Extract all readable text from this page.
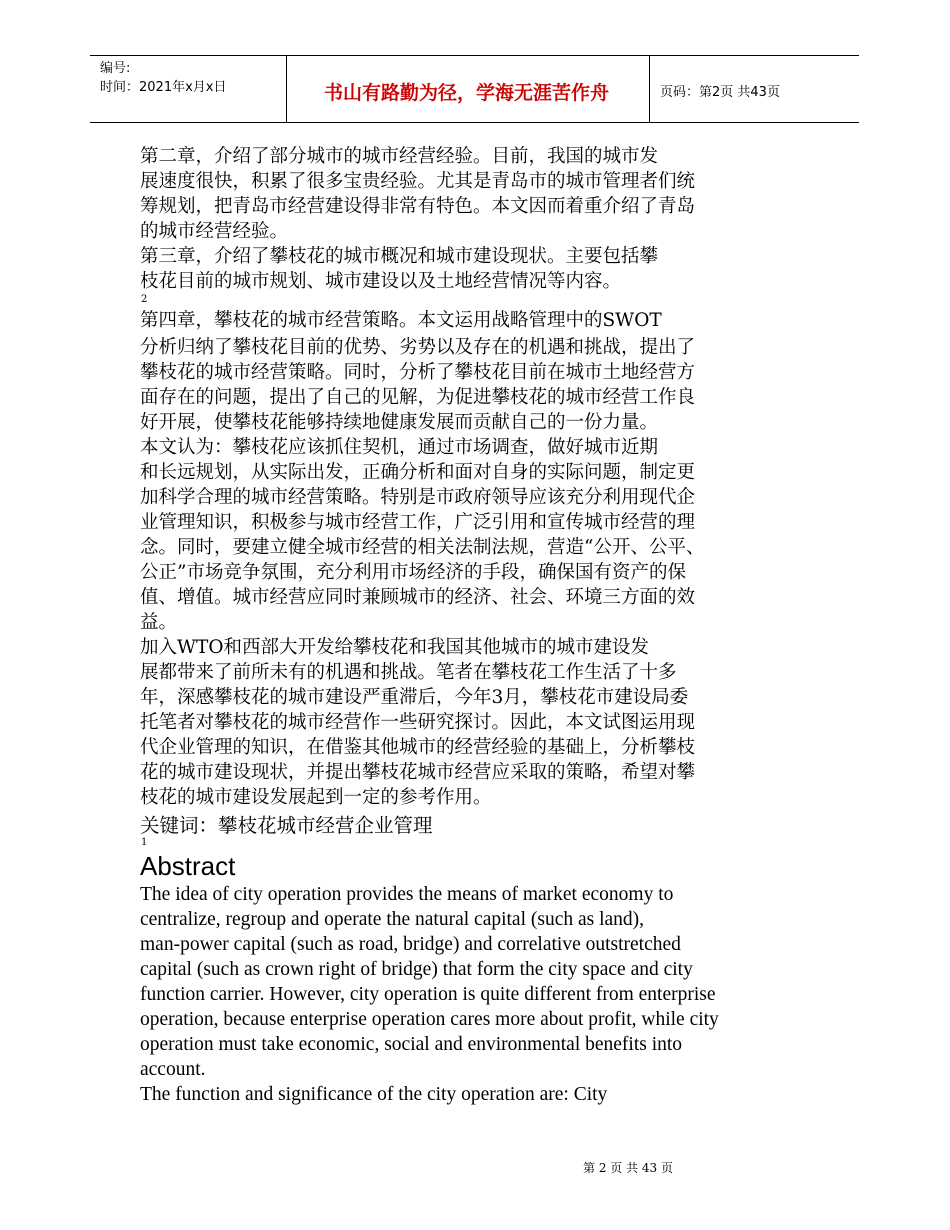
编号:
时间：2021年x月x日	书山有路勤为径，学海无涯苦作舟	页码：第2页 共43页
第二章，介绍了部分城市的城市经营经验。目前，我国的城市发
展速度很快，积累了很多宝贵经验。尤其是青岛市的城市管理者们统
筹规划，把青岛市经营建设得非常有特色。本文因而着重介绍了青岛
的城市经营经验。
第三章，介绍了攀枝花的城市概况和城市建设现状。主要包括攀
枝花目前的城市规划、城市建设以及土地经营情况等内容。
2
第四章，攀枝花的城市经营策略。本文运用战略管理中的SWOT
分析归纳了攀枝花目前的优势、劣势以及存在的机遇和挑战，提出了
攀枝花的城市经营策略。同时，分析了攀枝花目前在城市土地经营方
面存在的问题，提出了自己的见解，为促进攀枝花的城市经营工作良
好开展，使攀枝花能够持续地健康发展而贡献自己的一份力量。
本文认为：攀枝花应该抓住契机，通过市场调查，做好城市近期
和长远规划，从实际出发，正确分析和面对自身的实际问题，制定更
加科学合理的城市经营策略。特别是市政府领导应该充分利用现代企
业管理知识，积极参与城市经营工作，广泛引用和宣传城市经营的理
念。同时，要建立健全城市经营的相关法制法规，营造“公开、公平、
公正”市场竞争氛围，充分利用市场经济的手段，确保国有资产的保
值、增值。城市经营应同时兼顾城市的经济、社会、环境三方面的效
益。
加入WTO和西部大开发给攀枝花和我国其他城市的城市建设发
展都带来了前所未有的机遇和挑战。笔者在攀枝花工作生活了十多
年，深感攀枝花的城市建设严重滞后，今年3月，攀枝花市建设局委
托笔者对攀枝花的城市经营作一些研究探讨。因此，本文试图运用现
代企业管理的知识，在借鉴其他城市的经营经验的基础上，分析攀枝
花的城市建设现状，并提出攀枝花城市经营应采取的策略，希望对攀
枝花的城市建设发展起到一定的参考作用。
关键词：攀枝花城市经营企业管理
1
Abstract
The idea of city operation provides the means of market economy to
centralize, regroup and operate the natural capital (such as land),
man-power capital (such as road, bridge) and correlative outstretched
capital (such as crown right of bridge) that form the city space and city
function carrier. However, city operation is quite different from enterprise
operation, because enterprise operation cares more about profit, while city
operation must take economic, social and environmental benefits into
account.
The function and significance of the city operation are: City
第 2 页 共 43 页
